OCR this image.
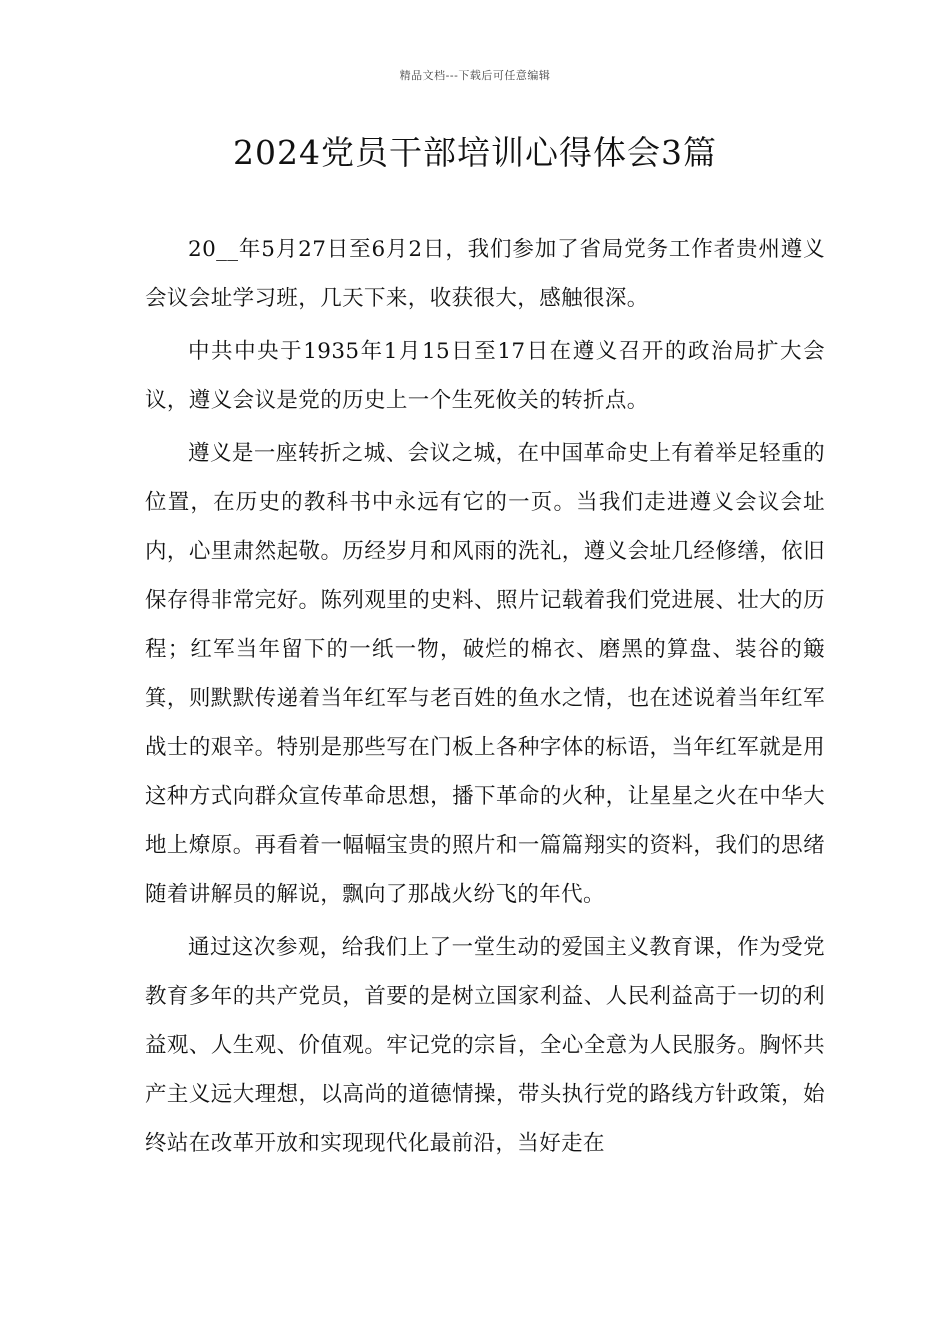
精品文档---下载后可任意编辑
2024党员干部培训心得体会3篇

20__年5月27日至6月2日，我们参加了省局党务工作者贵州遵义会议会址学习班，几天下来，收获很大，感触很深。

中共中央于1935年1月15日至17日在遵义召开的政治局扩大会议，遵义会议是党的历史上一个生死攸关的转折点。

遵义是一座转折之城、会议之城，在中国革命史上有着举足轻重的位置，在历史的教科书中永远有它的一页。当我们走进遵义会议会址内，心里肃然起敬。历经岁月和风雨的洗礼，遵义会址几经修缮，依旧保存得非常完好。陈列观里的史料、照片记载着我们党进展、壮大的历程；红军当年留下的一纸一物，破烂的棉衣、磨黑的算盘、装谷的簸箕，则默默传递着当年红军与老百姓的鱼水之情，也在述说着当年红军战士的艰辛。特别是那些写在门板上各种字体的标语，当年红军就是用这种方式向群众宣传革命思想，播下革命的火种，让星星之火在中华大地上燎原。再看着一幅幅宝贵的照片和一篇篇翔实的资料，我们的思绪随着讲解员的解说，飘向了那战火纷飞的年代。

通过这次参观，给我们上了一堂生动的爱国主义教育课，作为受党教育多年的共产党员，首要的是树立国家利益、人民利益高于一切的利益观、人生观、价值观。牢记党的宗旨，全心全意为人民服务。胸怀共产主义远大理想，以高尚的道德情操，带头执行党的路线方针政策，始终站在改革开放和实现现代化最前沿，当好走在
